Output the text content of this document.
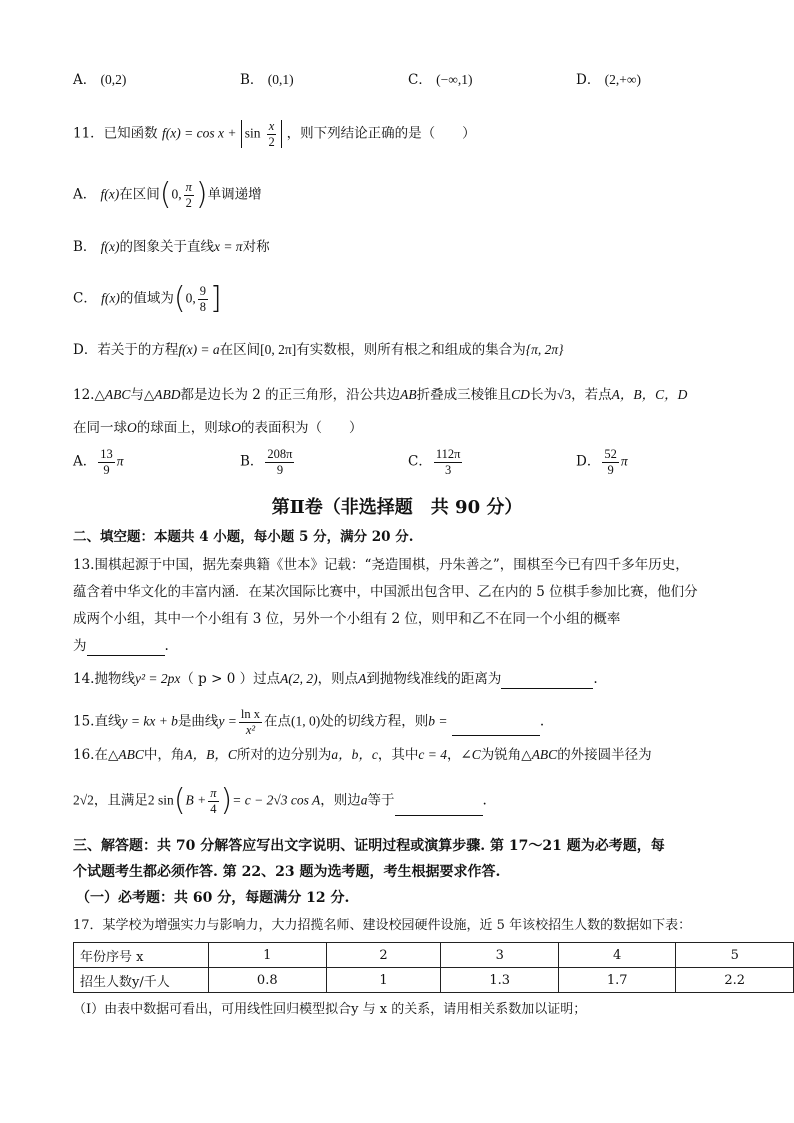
A． (0,2)	B． (0,1)	C． (−∞,1)	D． (2,+∞)
11．已知函数 $f(x) = \cos x + \sin \frac{x}{2}$ ，则下列结论正确的是（　　）
A． f(x)在区间(0, $\frac{\pi}{2}$ )单调递增
B． f(x)的图象关于直线x = π对称
C． f(x)的值域为(0, $\frac{9}{8}$ ]
D．若关于的方程f(x) = a在区间[0, 2π]有实数根，则所有根之和组成的集合为{π, 2π}
12.△ABC与△ABD都是边长为 2 的正三角形，沿公共边AB折叠成三棱锥且CD长为√3，若点A，B，C，D
在同一球O的球面上，则球O的表面积为（　　）
A． $\frac{13}{9}$ π	B． $\frac{208\pi}{9}$	C． $\frac{112\pi}{3}$	D． $\frac{52}{9}$ π
第Ⅱ卷（非选择题　共 90 分）
二、填空题：本题共 4 小题，每小题 5 分，满分 20 分.
13.围棋起源于中国，据先秦典籍《世本》记载：“尧造围棋，丹朱善之”，围棋至今已有四千多年历史，
蕴含着中华文化的丰富内涵．在某次国际比赛中，中国派出包含甲、乙在内的 5 位棋手参加比赛，他们分
成两个小组，其中一个小组有 3 位，另外一个小组有 2 位，则甲和乙不在同一个小组的概率
为	.
14.抛物线y² = 2px（ p > 0 ）过点A(2, 2)，则点A到抛物线准线的距离为	.
15.直线y = kx + b是曲线$y = \frac{\text{ln x}}{\text{x²}}$ 在点(1, 0)处的切线方程，则b =	.
16.在△ABC中，角A，B，C所对的边分别为a，b，c，其中c = 4，∠C为锐角△ABC的外接圆半径为
2√2，且满足2 $\sin(B + \frac{\pi}{4}$ )= c − 2√3 cos A，则边a等于	.
三、解答题：共 70 分解答应写出文字说明、证明过程或演算步骤. 第 17～21 题为必考题，每
个试题考生都必须作答. 第 22、23 题为选考题，考生根据要求作答.
（一）必考题：共 60 分，每题满分 12 分.
17．某学校为增强实力与影响力，大力招揽名师、建设校园硬件设施，近 5 年该校招生人数的数据如下表：
年份序号 x	1	2	3	4	5
招生人数y/千人	0.8	1	1.3	1.7	2.2
（Ⅰ）由表中数据可看出，可用线性回归模型拟合y 与 x 的关系，请用相关系数加以证明；
